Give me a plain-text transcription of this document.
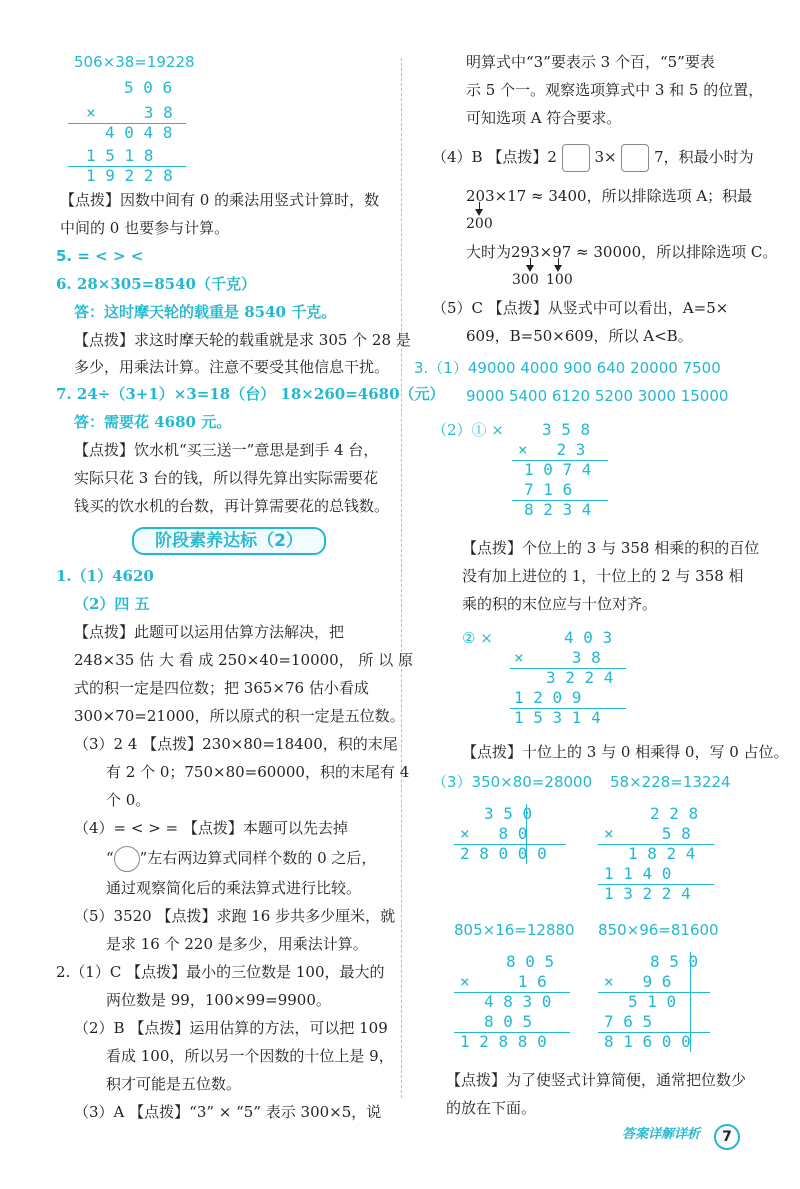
506×38=19228
5 0 6
×     3 8
4 0 4 8
1 5 1 8
1 9 2 2 8
【点拨】因数中间有 0 的乘法用竖式计算时，数
中间的 0 也要参与计算。
5. = < > <
6. 28×305=8540（千克）
答：这时摩天轮的载重是 8540 千克。
【点拨】求这时摩天轮的载重就是求 305 个 28 是
多少，用乘法计算。注意不要受其他信息干扰。
7. 24÷（3+1）×3=18（台） 18×260=4680（元）
答：需要花 4680 元。
【点拨】饮水机“买三送一”意思是到手 4 台，
实际只花 3 台的钱，所以得先算出实际需要花
钱买的饮水机的台数，再计算需要花的总钱数。
阶段素养达标（2）
1.（1）4620
（2）四 五
【点拨】此题可以运用估算方法解决，把
248×35 估 大 看 成 250×40=10000， 所 以 原
式的积一定是四位数；把 365×76 估小看成
300×70=21000，所以原式的积一定是五位数。
（3）2 4 【点拨】230×80=18400，积的末尾
有 2 个 0；750×80=60000，积的末尾有 4
个 0。
（4）= < > = 【点拨】本题可以先去掉
“ ”左右两边算式同样个数的 0 之后，
通过观察简化后的乘法算式进行比较。
（5）3520 【点拨】求跑 16 步共多少厘米，就
是求 16 个 220 是多少，用乘法计算。
2.（1）C 【点拨】最小的三位数是 100，最大的
两位数是 99，100×99=9900。
（2）B 【点拨】运用估算的方法，可以把 109
看成 100，所以另一个因数的十位上是 9，
积才可能是五位数。
（3）A 【点拨】“3” × “5” 表示 300×5，说
明算式中“3”要表示 3 个百，“5”要表
示 5 个一。观察选项算式中 3 和 5 的位置，
可知选项 A 符合要求。
（4）B 【点拨】2	3×	7，积最小时为
203×17 ≈ 3400，所以排除选项 A；积最
200
大时为293×97 ≈ 30000，所以排除选项 C。
300 100
（5）C 【点拨】从竖式中可以看出，A=5×
609，B=50×609，所以 A<B。
3.（1）49000 4000 900 640 20000 7500
9000 5400 6120 5200 3000 15000
（2）① × 3 5 8
×   2 3
1 0 7 4
7 1 6
8 2 3 4
【点拨】个位上的 3 与 358 相乘的积的百位
没有加上进位的 1，十位上的 2 与 358 相
乘的积的末位应与十位对齐。
② ×	4 0 3
×     3 8
3 2 2 4
1 2 0 9
1 5 3 1 4
【点拨】十位上的 3 与 0 相乘得 0，写 0 占位。
（3）350×80=28000 58×228=13224
3 5 0
×   8 0
2 8 0 0 0
2 2 8
×     5 8
1 8 2 4
1 1 4 0
1 3 2 2 4
805×16=12880 850×96=81600
8 0 5
×     1 6
4 8 3 0
8 0 5
1 2 8 8 0
8 5 0
×   9 6
5 1 0
7 6 5
8 1 6 0 0
【点拨】为了使竖式计算简便，通常把位数少
的放在下面。
答案详解详析	7
